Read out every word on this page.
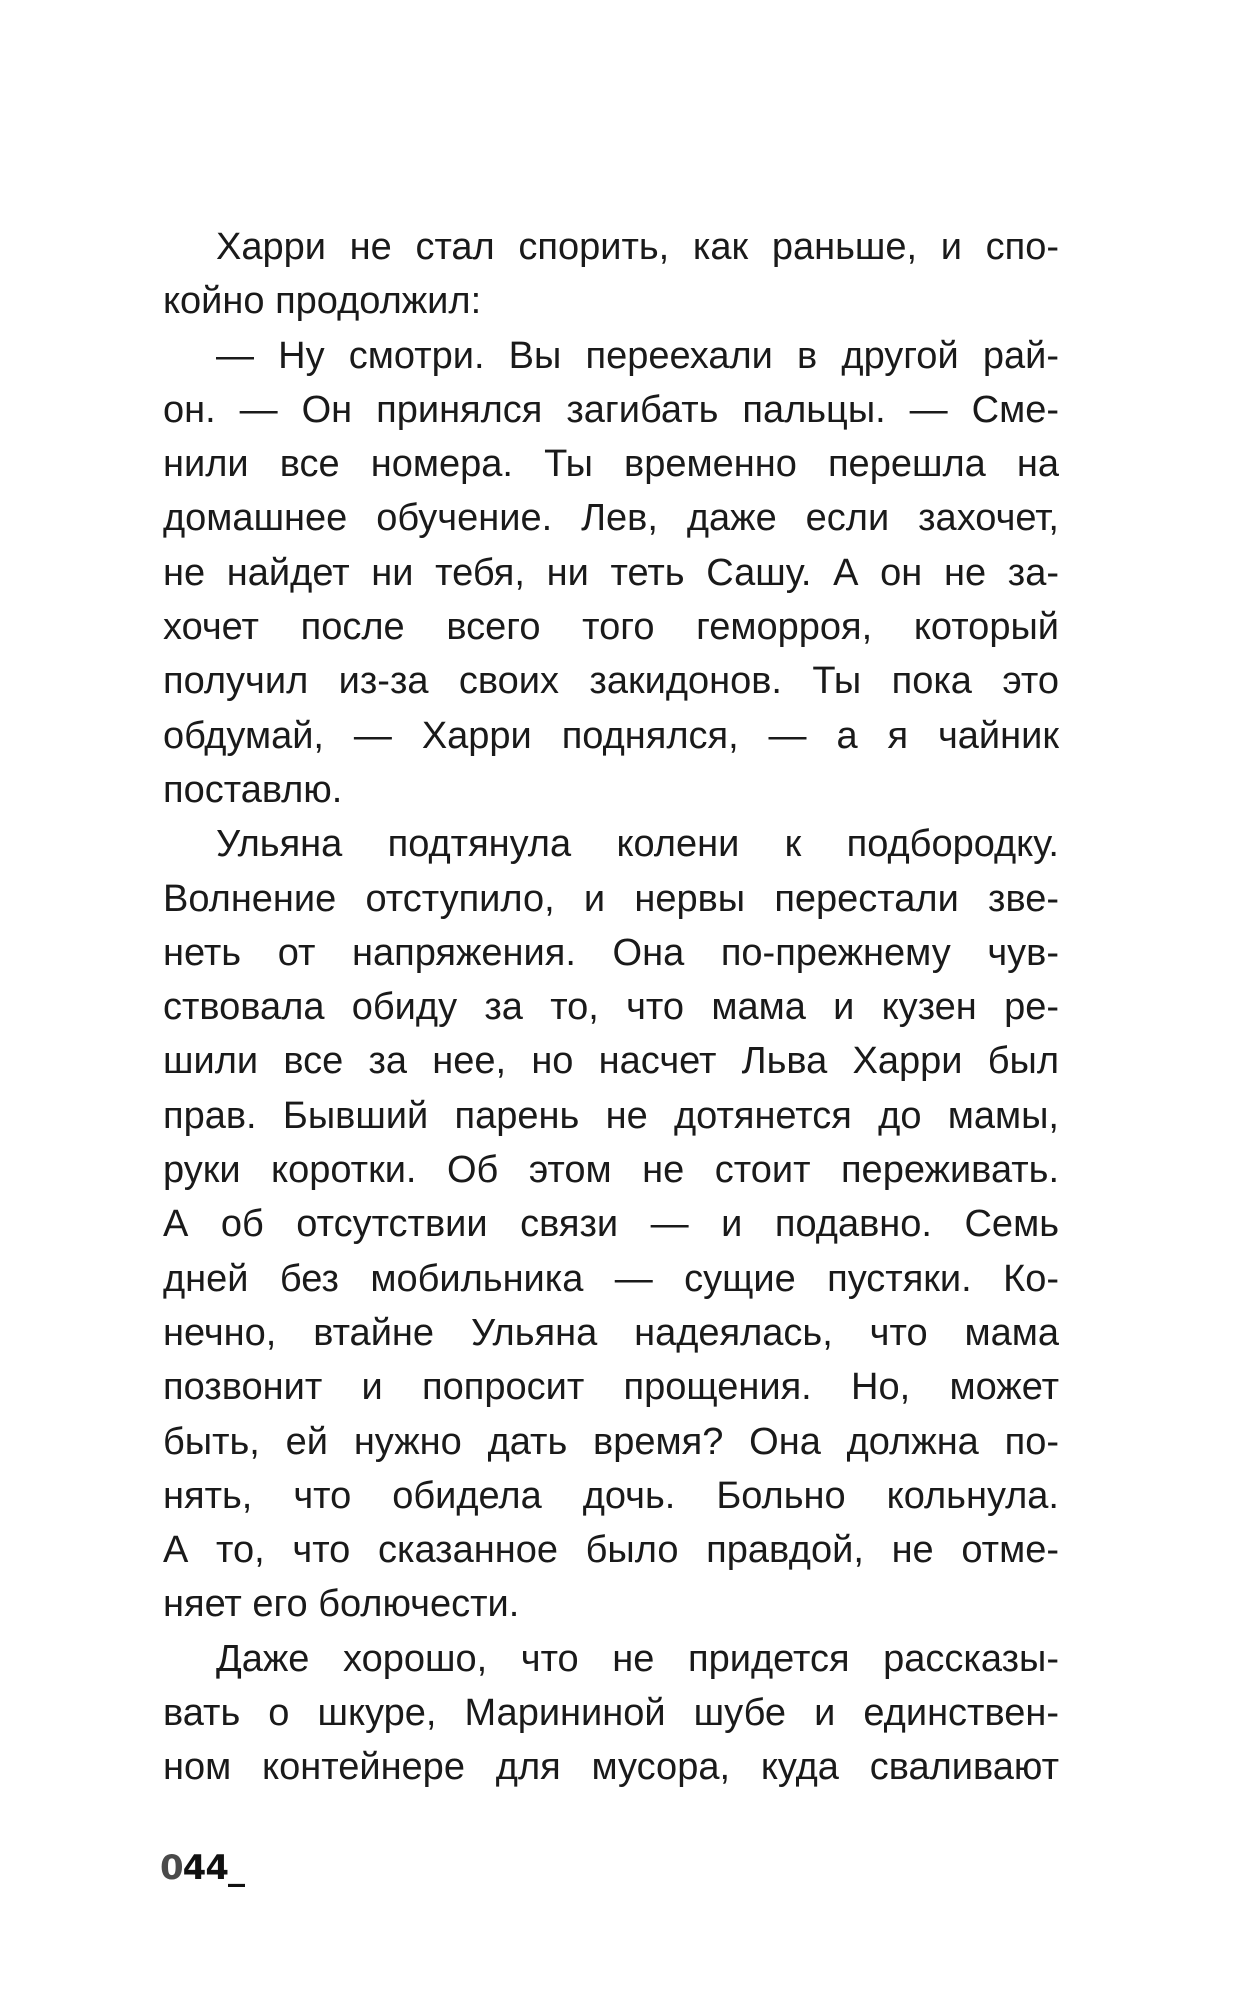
Харри не стал спорить, как раньше, и спо-
койно продолжил:
— Ну смотри. Вы переехали в другой рай-
он. — Он принялся загибать пальцы. — Сме-
нили все номера. Ты временно перешла на
домашнее обучение. Лев, даже если захочет,
не найдет ни тебя, ни теть Сашу. А он не за-
хочет после всего того геморроя, который
получил из-за своих закидонов. Ты пока это
обдумай, — Харри поднялся, — а я чайник
поставлю.
Ульяна подтянула колени к подбородку.
Волнение отступило, и нервы перестали зве-
неть от напряжения. Она по-прежнему чув-
ствовала обиду за то, что мама и кузен ре-
шили все за нее, но насчет Льва Харри был
прав. Бывший парень не дотянется до мамы,
руки коротки. Об этом не стоит переживать.
А об отсутствии связи — и подавно. Семь
дней без мобильника — сущие пустяки. Ко-
нечно, втайне Ульяна надеялась, что мама
позвонит и попросит прощения. Но, может
быть, ей нужно дать время? Она должна по-
нять, что обидела дочь. Больно кольнула.
А то, что сказанное было правдой, не отме-
няет его болючести.
Даже хорошо, что не придется рассказы-
вать о шкуре, Марининой шубе и единствен-
ном контейнере для мусора, куда сваливают
044_
